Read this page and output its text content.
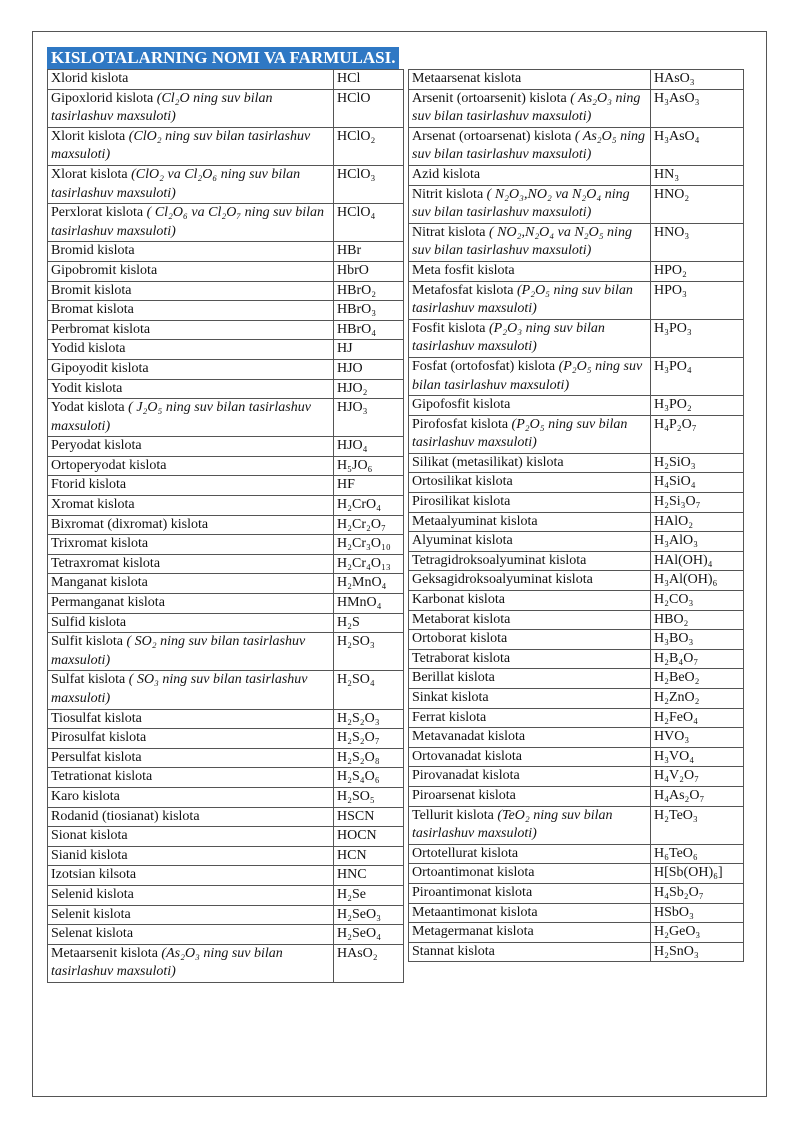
KISLOTALARNING NOMI VA FARMULASI.
Xlorid kislota	HCl
Gipoxlorid kislota (Cl₂O ning suv bilan tasirlashuv maxsuloti)	HClO
Xlorit kislota (ClO₂ ning suv bilan tasirlashuv maxsuloti)	HClO₂
Xlorat kislota (ClO₂ va Cl₂O₆ ning suv bilan tasirlashuv maxsuloti)	HClO₃
Perxlorat kislota ( Cl₂O₆ va Cl₂O₇ ning suv bilan tasirlashuv maxsuloti)	HClO₄
Bromid kislota	HBr
Gipobromit kislota	HbrO
Bromit kislota	HBrO₂
Bromat kislota	HBrO₃
Perbromat kislota	HBrO₄
Yodid kislota	HJ
Gipoyodit kislota	HJO
Yodit kislota	HJO₂
Yodat kislota ( J₂O₅ ning suv bilan tasirlashuv maxsuloti)	HJO₃
Peryodat kislota	HJO₄
Ortoperyodat kislota	H₅JO₆
Ftorid kislota	HF
Xromat kislota	H₂CrO₄
Bixromat (dixromat) kislota	H₂Cr₂O₇
Trixromat kislota	H₂Cr₃O₁₀
Tetraxromat kislota	H₂Cr₄O₁₃
Manganat kislota	H₂MnO₄
Permanganat kislota	HMnO₄
Sulfid kislota	H₂S
Sulfit kislota ( SO₂ ning suv bilan tasirlashuv maxsuloti)	H₂SO₃
Sulfat kislota ( SO₃ ning suv bilan tasirlashuv maxsuloti)	H₂SO₄
Tiosulfat kislota	H₂S₂O₃
Pirosulfat kislota	H₂S₂O₇
Persulfat kislota	H₂S₂O₈
Tetrationat kislota	H₂S₄O₆
Karo kislota	H₂SO₅
Rodanid (tiosianat) kislota	HSCN
Sionat kislota	HOCN
Sianid kislota	HCN
Izotsian kilsota	HNC
Selenid kislota	H₂Se
Selenit kislota	H₂SeO₃
Selenat kislota	H₂SeO₄
Metaarsenit kislota (As₂O₃ ning suv bilan tasirlashuv maxsuloti)	HAsO₂
Metaarsenat kislota	HAsO₃
Arsenit (ortoarsenit) kislota ( As₂O₃ ning suv bilan tasirlashuv maxsuloti)	H₃AsO₃
Arsenat (ortoarsenat) kislota ( As₂O₅ ning suv bilan tasirlashuv maxsuloti)	H₃AsO₄
Azid kislota	HN₃
Nitrit kislota ( N₂O₃,NO₂ va N₂O₄ ning suv bilan tasirlashuv maxsuloti)	HNO₂
Nitrat kislota ( NO₂,N₂O₄ va N₂O₅ ning suv bilan tasirlashuv maxsuloti)	HNO₃
Meta fosfit kislota	HPO₂
Metafosfat kislota (P₂O₅ ning suv bilan tasirlashuv maxsuloti)	HPO₃
Fosfit kislota (P₂O₃ ning suv bilan tasirlashuv maxsuloti)	H₃PO₃
Fosfat (ortofosfat) kislota (P₂O₅ ning suv bilan tasirlashuv maxsuloti)	H₃PO₄
Gipofosfit kislota	H₃PO₂
Pirofosfat kislota (P₂O₅ ning suv bilan tasirlashuv maxsuloti)	H₄P₂O₇
Silikat (metasilikat) kislota	H₂SiO₃
Ortosilikat kislota	H₄SiO₄
Pirosilikat kislota	H₂Si₃O₇
Metaalyuminat kislota	HAlO₂
Alyuminat kislota	H₃AlO₃
Tetragidroksoalyuminat kislota	HAl(OH)₄
Geksagidroksoalyuminat kislota	H₃Al(OH)₆
Karbonat kislota	H₂CO₃
Metaborat kislota	HBO₂
Ortoborat kislota	H₃BO₃
Tetraborat kislota	H₂B₄O₇
Berillat kislota	H₂BeO₂
Sinkat kislota	H₂ZnO₂
Ferrat kislota	H₂FeO₄
Metavanadat kislota	HVO₃
Ortovanadat kislota	H₃VO₄
Pirovanadat kislota	H₄V₂O₇
Piroarsenat kislota	H₄As₂O₇
Tellurit kislota (TeO₂ ning suv bilan tasirlashuv maxsuloti)	H₂TeO₃
Ortotellurat kislota	H₆TeO₆
Ortoantimonat kislota	H[Sb(OH)₆]
Piroantimonat kislota	H₄Sb₂O₇
Metaantimonat kislota	HSbO₃
Metagermanat kislota	H₂GeO₃
Stannat kislota	H₂SnO₃
